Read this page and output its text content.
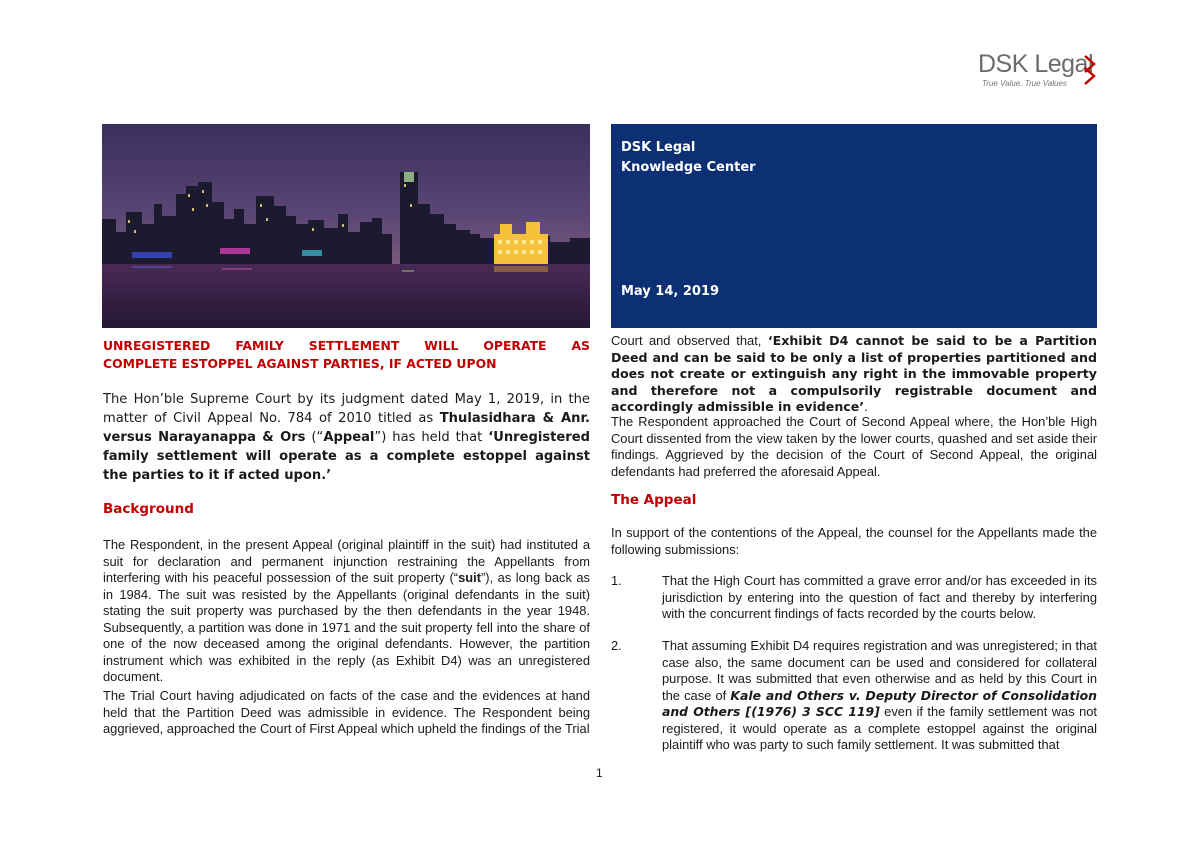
DSK Legal
True Value. True Values
DSK Legal
Knowledge Center
May 14, 2019
UNREGISTERED FAMILY SETTLEMENT WILL OPERATE AS
COMPLETE ESTOPPEL AGAINST PARTIES, IF ACTED UPON
The Hon’ble Supreme Court by its judgment dated May 1, 2019, in the matter of Civil Appeal No. 784 of 2010 titled as Thulasidhara & Anr. versus Narayanappa & Ors (“Appeal”) has held that ‘Unregistered family settlement will operate as a complete estoppel against the parties to it if acted upon.’
Background
The Respondent, in the present Appeal (original plaintiff in the suit) had instituted a suit for declaration and permanent injunction restraining the Appellants from interfering with his peaceful possession of the suit property (“suit”), as long back as in 1984. The suit was resisted by the Appellants (original defendants in the suit) stating the suit property was purchased by the then defendants in the year 1948. Subsequently, a partition was done in 1971 and the suit property fell into the share of one of the now deceased among the original defendants. However, the partition instrument which was exhibited in the reply (as Exhibit D4) was an unregistered document.
The Trial Court having adjudicated on facts of the case and the evidences at hand held that the Partition Deed was admissible in evidence. The Respondent being aggrieved, approached the Court of First Appeal which upheld the findings of the Trial
Court and observed that, ‘Exhibit D4 cannot be said to be a Partition Deed and can be said to be only a list of properties partitioned and does not create or extinguish any right in the immovable property and therefore not a compulsorily registrable document and accordingly admissible in evidence’.
The Respondent approached the Court of Second Appeal where, the Hon’ble High Court dissented from the view taken by the lower courts, quashed and set aside their findings. Aggrieved by the decision of the Court of Second Appeal, the original defendants had preferred the aforesaid Appeal.
The Appeal
In support of the contentions of the Appeal, the counsel for the Appellants made the following submissions:
1.	That the High Court has committed a grave error and/or has exceeded in its jurisdiction by entering into the question of fact and thereby by interfering with the concurrent findings of facts recorded by the courts below.
2.	That assuming Exhibit D4 requires registration and was unregistered; in that case also, the same document can be used and considered for collateral purpose. It was submitted that even otherwise and as held by this Court in the case of Kale and Others v. Deputy Director of Consolidation and Others [(1976) 3 SCC 119] even if the family settlement was not registered, it would operate as a complete estoppel against the original plaintiff who was party to such family settlement. It was submitted that
1
